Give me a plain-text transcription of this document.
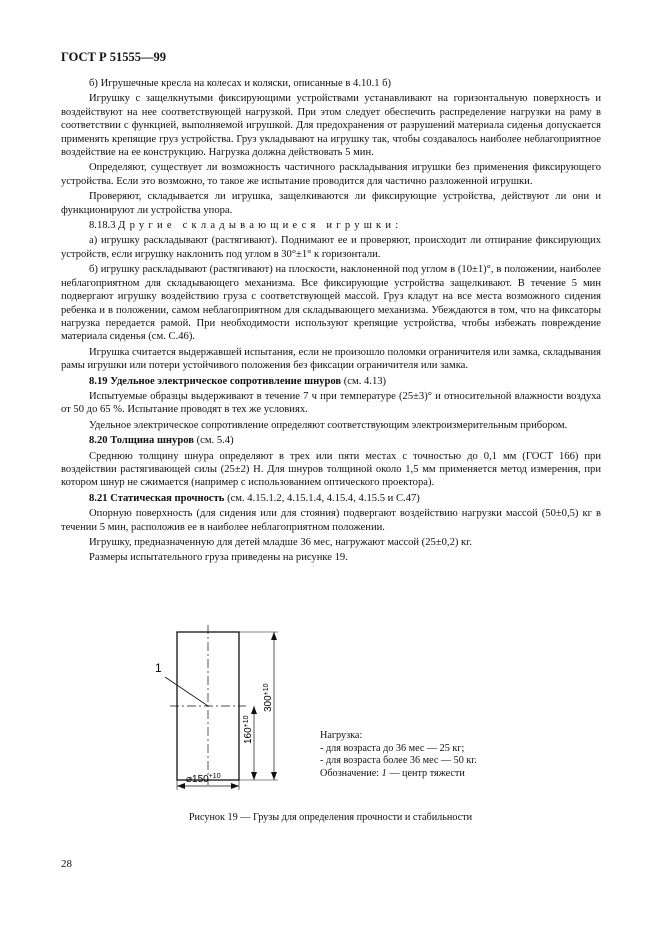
ГОСТ Р 51555—99

б) Игрушечные кресла на колесах и коляски, описанные в 4.10.1 б)

Игрушку с защелкнутыми фиксирующими устройствами устанавливают на горизонтальную поверхность и воздействуют на нее соответствующей нагрузкой. При этом следует обеспечить распределение нагрузки на раму в соответствии с функцией, выполняемой игрушкой. Для предохранения от разрушений материала сиденья допускается применять крепящие груз устройства. Груз укладывают на игрушку так, чтобы создавалось наиболее неблагоприятное воздействие на ее конструкцию. Нагрузка должна действовать 5 мин.

Определяют, существует ли возможность частичного раскладывания игрушки без применения фиксирующего устройства. Если это возможно, то такое же испытание проводится для частично разложенной игрушки.

Проверяют, складывается ли игрушка, защелкиваются ли фиксирующие устройства, действуют ли они и функционируют ли устройства упора.

8.18.3 Другие складывающиеся игрушки:

а) игрушку раскладывают (растягивают). Поднимают ее и проверяют, происходит ли отпирание фиксирующих устройств, если игрушку наклонить под углом в 30°±1° к горизонтали.

б) игрушку раскладывают (растягивают) на плоскости, наклоненной под углом в (10±1)°, в положении, наиболее неблагоприятном для складывающего механизма. Все фиксирующие устройства защелкивают. В течение 5 мин подвергают игрушку воздействию груза с соответствующей массой. Груз кладут на все места возможного сидения ребенка и в положении, самом неблагоприятном для складывающего механизма. Убеждаются в том, что на фиксаторы нагрузка передается рамой. При необходимости используют крепящие устройства, чтобы избежать повреждение материала сиденья (см. С.46).

Игрушка считается выдержавшей испытания, если не произошло поломки ограничителя или замка, складывания рамы игрушки или потери устойчивого положения без фиксации ограничителя или замка.

8.19 Удельное электрическое сопротивление шнуров (см. 4.13)

Испытуемые образцы выдерживают в течение 7 ч при температуре (25±3)° и относительной влажности воздуха от 50 до 65 %. Испытание проводят в тех же условиях.

Удельное электрическое сопротивление определяют соответствующим электроизмерительным прибором.

8.20 Толщина шнуров (см. 5.4)

Среднюю толщину шнура определяют в трех или пяти местах с точностью до 0,1 мм (ГОСТ 166) при воздействии растягивающей силы (25±2) Н. Для шнуров толщиной около 1,5 мм применяется метод измерения, при котором шнур не сжимается (например с использованием оптического проектора).

8.21 Статическая прочность (см. 4.15.1.2, 4.15.1.4, 4.15.4, 4.15.5 и С.47)

Опорную поверхность (для сидения или для стояния) подвергают воздействию нагрузки массой (50±0,5) кг в течении 5 мин, расположив ее в наиболее неблагоприятном положении.

Игрушку, предназначенную для детей младше 36 мес, нагружают массой (25±0,2) кг.

Размеры испытательного груза приведены на рисунке 19.

1
$300^{+10}$
$160^{+10}$
$⌀150^{+10}$
Нагрузка:
- для возраста до 36 мес — 25 кг;
- для возраста более 36 мес — 50 кг.
Обозначение: 1 — центр тяжести
Рисунок 19 — Грузы для определения прочности и стабильности
28
